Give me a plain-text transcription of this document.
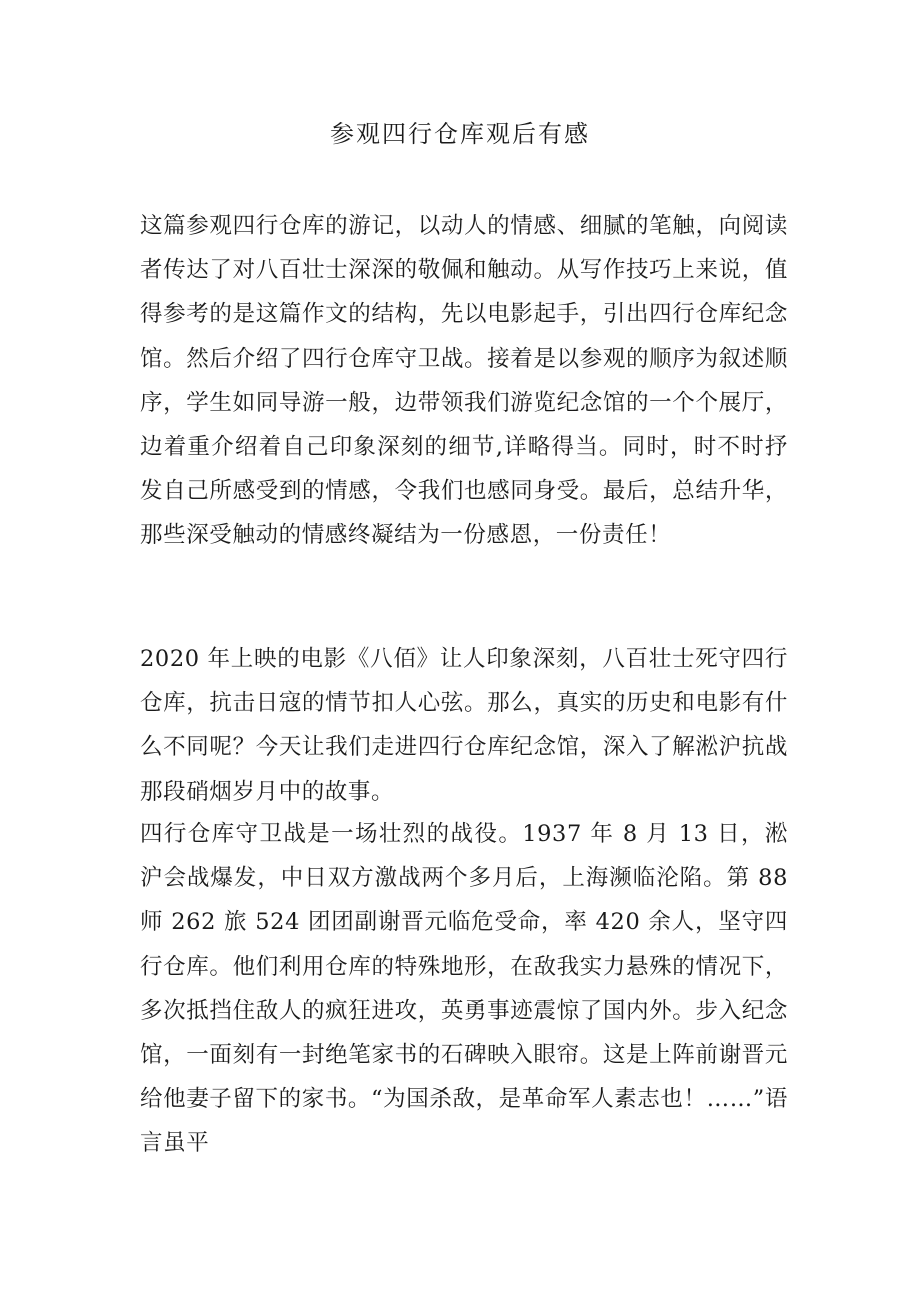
参观四行仓库观后有感

这篇参观四行仓库的游记，以动人的情感、细腻的笔触，向阅读者传达了对八百壮士深深的敬佩和触动。从写作技巧上来说，值得参考的是这篇作文的结构，先以电影起手，引出四行仓库纪念馆。然后介绍了四行仓库守卫战。接着是以参观的顺序为叙述顺序，学生如同导游一般，边带领我们游览纪念馆的一个个展厅，边着重介绍着自己印象深刻的细节,详略得当。同时，时不时抒发自己所感受到的情感，令我们也感同身受。最后，总结升华，那些深受触动的情感终凝结为一份感恩，一份责任！

2020 年上映的电影《八佰》让人印象深刻，八百壮士死守四行仓库，抗击日寇的情节扣人心弦。那么，真实的历史和电影有什么不同呢？今天让我们走进四行仓库纪念馆，深入了解淞沪抗战那段硝烟岁月中的故事。

四行仓库守卫战是一场壮烈的战役。1937 年 8 月 13 日，淞沪会战爆发，中日双方激战两个多月后，上海濒临沦陷。第 88 师 262 旅 524 团团副谢晋元临危受命，率 420 余人，坚守四行仓库。他们利用仓库的特殊地形，在敌我实力悬殊的情况下，多次抵挡住敌人的疯狂进攻，英勇事迹震惊了国内外。步入纪念馆，一面刻有一封绝笔家书的石碑映入眼帘。这是上阵前谢晋元给他妻子留下的家书。“为国杀敌，是革命军人素志也！……”语言虽平
